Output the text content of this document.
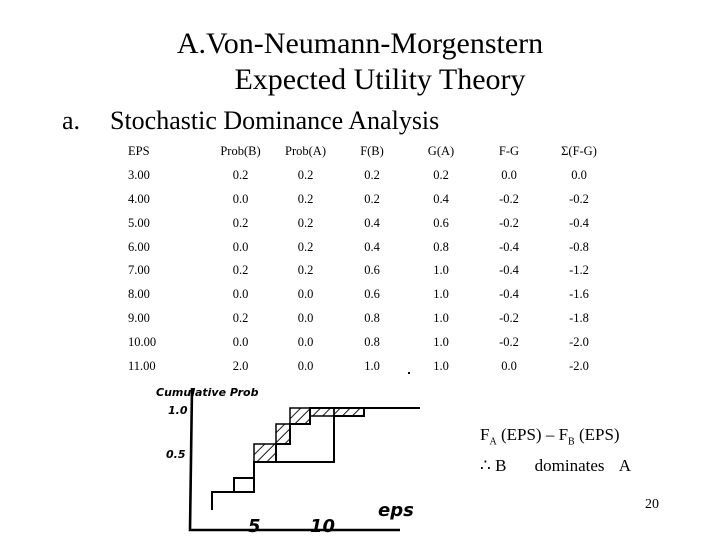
A.Von-Neumann-Morgenstern
Expected Utility Theory
a. Stochastic Dominance Analysis
EPS	Prob(B)	Prob(A)	F(B)	G(A)	F-G	Σ(F-G)
3.00	0.2	0.2	0.2	0.2	0.0	0.0
4.00	0.0	0.2	0.2	0.4	-0.2	-0.2
5.00	0.2	0.2	0.4	0.6	-0.2	-0.4
6.00	0.0	0.2	0.4	0.8	-0.4	-0.8
7.00	0.2	0.2	0.6	1.0	-0.4	-1.2
8.00	0.0	0.0	0.6	1.0	-0.4	-1.6
9.00	0.2	0.0	0.8	1.0	-0.2	-1.8
10.00	0.0	0.0	0.8	1.0	-0.2	-2.0
11.00	2.0	0.0	1.0	1.0	0.0	-2.0
Cumulative Prob
1.0
0.5
5	10
eps
$F_A$ $(EPS) - F_B$ (EPS)
∴ B dominates A
20
